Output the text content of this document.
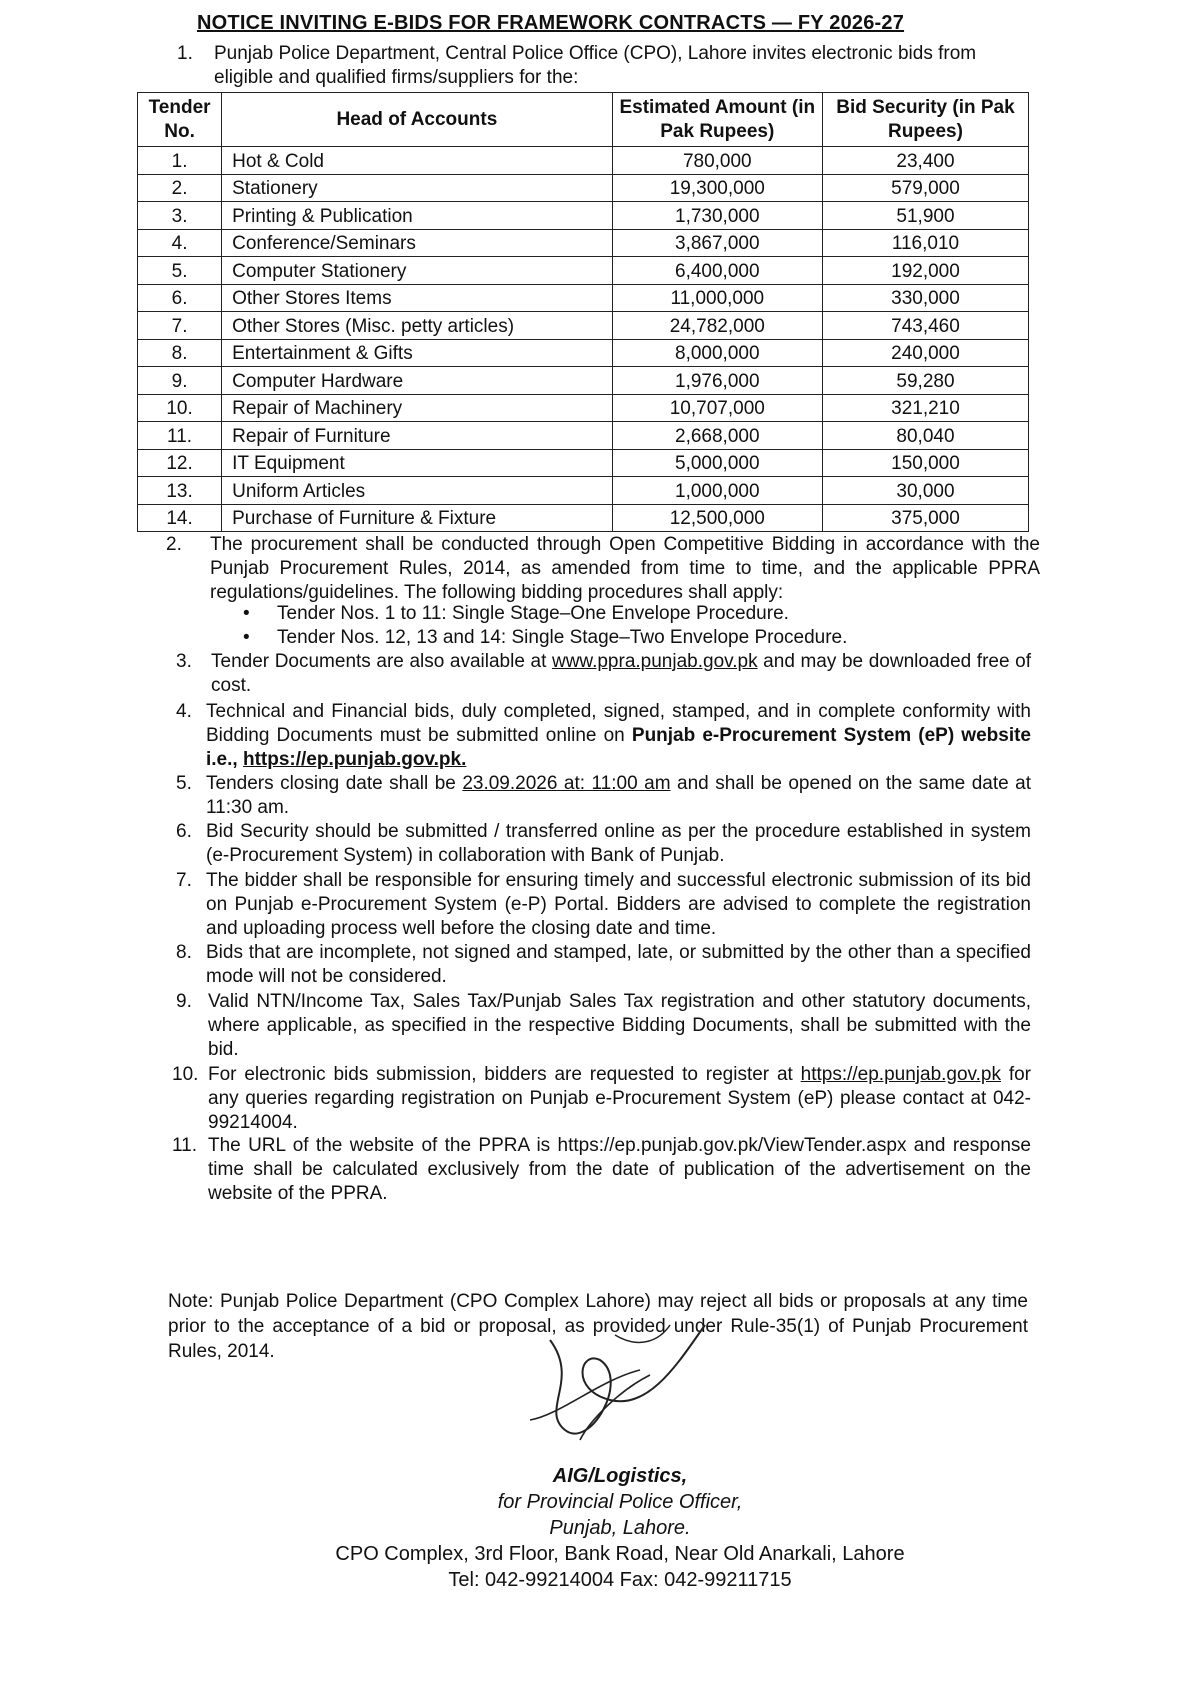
NOTICE INVITING E-BIDS FOR FRAMEWORK CONTRACTS — FY 2026-27
1. Punjab Police Department, Central Police Office (CPO), Lahore invites electronic bids from eligible and qualified firms/suppliers for the:
Tender No.	Head of Accounts	Estimated Amount (in Pak Rupees)	Bid Security (in Pak Rupees)
1.	Hot & Cold	780,000	23,400
2.	Stationery	19,300,000	579,000
3.	Printing & Publication	1,730,000	51,900
4.	Conference/Seminars	3,867,000	116,010
5.	Computer Stationery	6,400,000	192,000
6.	Other Stores Items	11,000,000	330,000
7.	Other Stores (Misc. petty articles)	24,782,000	743,460
8.	Entertainment & Gifts	8,000,000	240,000
9.	Computer Hardware	1,976,000	59,280
10.	Repair of Machinery	10,707,000	321,210
11.	Repair of Furniture	2,668,000	80,040
12.	IT Equipment	5,000,000	150,000
13.	Uniform Articles	1,000,000	30,000
14.	Purchase of Furniture & Fixture	12,500,000	375,000
2. The procurement shall be conducted through Open Competitive Bidding in accordance with the Punjab Procurement Rules, 2014, as amended from time to time, and the applicable PPRA regulations/guidelines. The following bidding procedures shall apply:
• Tender Nos. 1 to 11: Single Stage–One Envelope Procedure.
• Tender Nos. 12, 13 and 14: Single Stage–Two Envelope Procedure.
3. Tender Documents are also available at www.ppra.punjab.gov.pk and may be downloaded free of cost.
4. Technical and Financial bids, duly completed, signed, stamped, and in complete conformity with Bidding Documents must be submitted online on Punjab e-Procurement System (eP) website i.e., https://ep.punjab.gov.pk.
5. Tenders closing date shall be 23.09.2026 at: 11:00 am and shall be opened on the same date at 11:30 am.
6. Bid Security should be submitted / transferred online as per the procedure established in system (e-Procurement System) in collaboration with Bank of Punjab.
7. The bidder shall be responsible for ensuring timely and successful electronic submission of its bid on Punjab e-Procurement System (e-P) Portal. Bidders are advised to complete the registration and uploading process well before the closing date and time.
8. Bids that are incomplete, not signed and stamped, late, or submitted by the other than a specified mode will not be considered.
9. Valid NTN/Income Tax, Sales Tax/Punjab Sales Tax registration and other statutory documents, where applicable, as specified in the respective Bidding Documents, shall be submitted with the bid.
10. For electronic bids submission, bidders are requested to register at https://ep.punjab.gov.pk for any queries regarding registration on Punjab e-Procurement System (eP) please contact at 042-99214004.
11. The URL of the website of the PPRA is https://ep.punjab.gov.pk/ViewTender.aspx and response time shall be calculated exclusively from the date of publication of the advertisement on the website of the PPRA.
Note: Punjab Police Department (CPO Complex Lahore) may reject all bids or proposals at any time prior to the acceptance of a bid or proposal, as provided under Rule-35(1) of Punjab Procurement Rules, 2014.
AIG/Logistics,
for Provincial Police Officer,
Punjab, Lahore.
CPO Complex, 3rd Floor, Bank Road, Near Old Anarkali, Lahore
Tel: 042-99214004 Fax: 042-99211715
